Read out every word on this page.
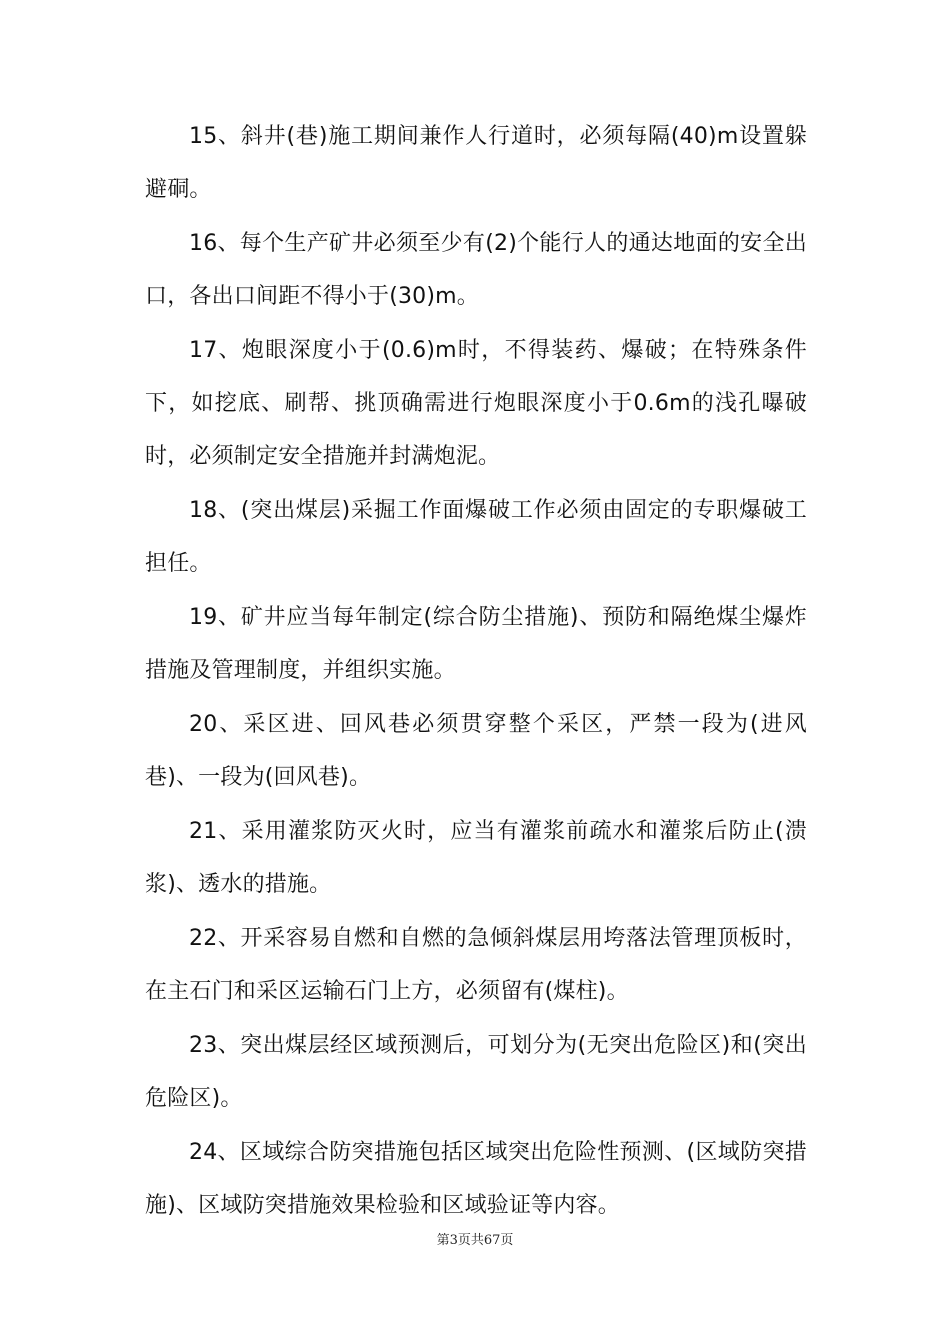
15、斜井(巷)施工期间兼作人行道时，必须每隔(40)m设置躲避硐。

16、每个生产矿井必须至少有(2)个能行人的通达地面的安全出口，各出口间距不得小于(30)m。

17、炮眼深度小于(0.6)m时，不得装药、爆破；在特殊条件下，如挖底、刷帮、挑顶确需进行炮眼深度小于0.6m的浅孔曝破时，必须制定安全措施并封满炮泥。

18、(突出煤层)采掘工作面爆破工作必须由固定的专职爆破工担任。

19、矿井应当每年制定(综合防尘措施)、预防和隔绝煤尘爆炸措施及管理制度，并组织实施。

20、采区进、回风巷必须贯穿整个采区，严禁一段为(进风巷)、一段为(回风巷)。

21、采用灌浆防灭火时，应当有灌浆前疏水和灌浆后防止(溃浆)、透水的措施。

22、开采容易自燃和自燃的急倾斜煤层用垮落法管理顶板时，在主石门和采区运输石门上方，必须留有(煤柱)。

23、突出煤层经区域预测后，可划分为(无突出危险区)和(突出危险区)。

24、区域综合防突措施包括区域突出危险性预测、(区域防突措施)、区域防突措施效果检验和区域验证等内容。

第3页共67页
